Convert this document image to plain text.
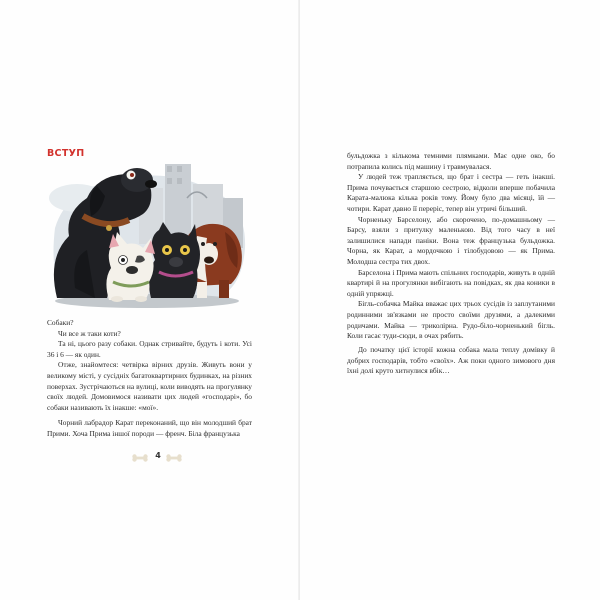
ВСТУП

Собаки?

Чи все ж таки коти?

Та ні, цього разу собаки. Однак стривайте, будуть і коти. Усі 36 і 6 — як один.

Отже, знайомтеся: четвірка вірних друзів. Живуть вони у великому місті, у сусідніх багатоквартирних будинках, на різних поверхах. Зустрічаються на вулиці, коли виводять на прогулянку своїх людей. Домовимося називати цих людей «господарі», бо собаки називають їх інакше: «мої».

Чорний лабрадор Карат переконаний, що він молодший брат Прими. Хоча Прима іншої породи — френч. Біла французька

4

бульдожка з кількома темними плямками. Має одне око, бо потрапила колись під машину і травмувалася.

У людей теж трапляється, що брат і сестра — геть інакші. Прима почувається старшою сестрою, відколи вперше побачила Карата-малюка кілька років тому. Йому було два місяці, їй — чотири. Карат давно її переріс, тепер він утричі більший.

Чорненьку Барселону, або скорочено, по-домашньому — Барсу, взяли з притулку маленькою. Від того часу в неї залишилися напади паніки. Вона теж французька бульдожка. Чорна, як Карат, а мордочкою і тілобудовою — як Прима. Молодша сестра тих двох.

Барселона і Прима мають спільних господарів, живуть в одній квартирі й на прогулянки вибігають на повідках, як два коники в одній упряжці.

Бігль-собачка Майка вважає цих трьох сусідів із заплутаними родинними зв'язками не просто своїми друзями, а далекими родичами. Майка — триколірна. Рудо-біло-чорненький бігль. Коли гасає туди-сюди, в очах рябить.

До початку цієї історії кожна собака мала теплу домівку й добрих господарів, тобто «своїх». Аж поки одного зимового дня їхні долі круто хитнулися вбік…
